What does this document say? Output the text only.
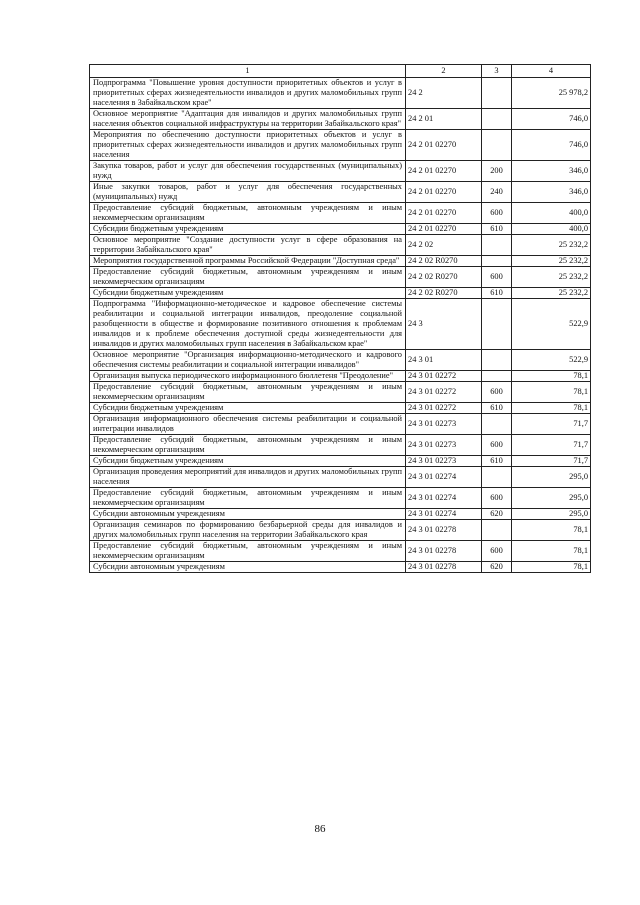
1	2	3	4
Подпрограмма "Повышение уровня доступности приоритетных объектов и услуг в приоритетных сферах жизнедеятельности инвалидов и других маломобильных групп населения в Забайкальском крае"	24 2		25 978,2
Основное мероприятие "Адаптация для инвалидов и других маломобильных групп населения объектов социальной инфраструктуры на территории Забайкальского края"	24 2 01		746,0
Мероприятия по обеспечению доступности приоритетных объектов и услуг в приоритетных сферах жизнедеятельности инвалидов и других маломобильных групп населения	24 2 01 02270		746,0
Закупка товаров, работ и услуг для обеспечения государственных (муниципальных) нужд	24 2 01 02270	200	346,0
Иные закупки товаров, работ и услуг для обеспечения государственных (муниципальных) нужд	24 2 01 02270	240	346,0
Предоставление субсидий бюджетным, автономным учреждениям и иным некоммерческим организациям	24 2 01 02270	600	400,0
Субсидии бюджетным учреждениям	24 2 01 02270	610	400,0
Основное мероприятие "Создание доступности услуг в сфере образования на территории Забайкальского края"	24 2 02		25 232,2
Мероприятия государственной программы Российской Федерации "Доступная среда"	24 2 02 R0270		25 232,2
Предоставление субсидий бюджетным, автономным учреждениям и иным некоммерческим организациям	24 2 02 R0270	600	25 232,2
Субсидии бюджетным учреждениям	24 2 02 R0270	610	25 232,2
Подпрограмма "Информационно-методическое и кадровое обеспечение системы реабилитации и социальной интеграции инвалидов, преодоление социальной разобщенности в обществе и формирование позитивного отношения к проблемам инвалидов и к проблеме обеспечения доступной среды жизнедеятельности для инвалидов и других маломобильных групп населения в Забайкальском крае"	24 3		522,9
Основное мероприятие "Организация информационно-методического и кадрового обеспечения системы реабилитации и социальной интеграции инвалидов"	24 3 01		522,9
Организация выпуска периодического информационного бюллетеня "Преодоление"	24 3 01 02272		78,1
Предоставление субсидий бюджетным, автономным учреждениям и иным некоммерческим организациям	24 3 01 02272	600	78,1
Субсидии бюджетным учреждениям	24 3 01 02272	610	78,1
Организация информационного обеспечения системы реабилитации и социальной интеграции инвалидов	24 3 01 02273		71,7
Предоставление субсидий бюджетным, автономным учреждениям и иным некоммерческим организациям	24 3 01 02273	600	71,7
Субсидии бюджетным учреждениям	24 3 01 02273	610	71,7
Организация проведения мероприятий для инвалидов и других маломобильных групп населения	24 3 01 02274		295,0
Предоставление субсидий бюджетным, автономным учреждениям и иным некоммерческим организациям	24 3 01 02274	600	295,0
Субсидии автономным учреждениям	24 3 01 02274	620	295,0
Организация семинаров по формированию безбарьерной среды для инвалидов и других маломобильных групп населения на территории Забайкальского края	24 3 01 02278		78,1
Предоставление субсидий бюджетным, автономным учреждениям и иным некоммерческим организациям	24 3 01 02278	600	78,1
Субсидии автономным учреждениям	24 3 01 02278	620	78,1
86
